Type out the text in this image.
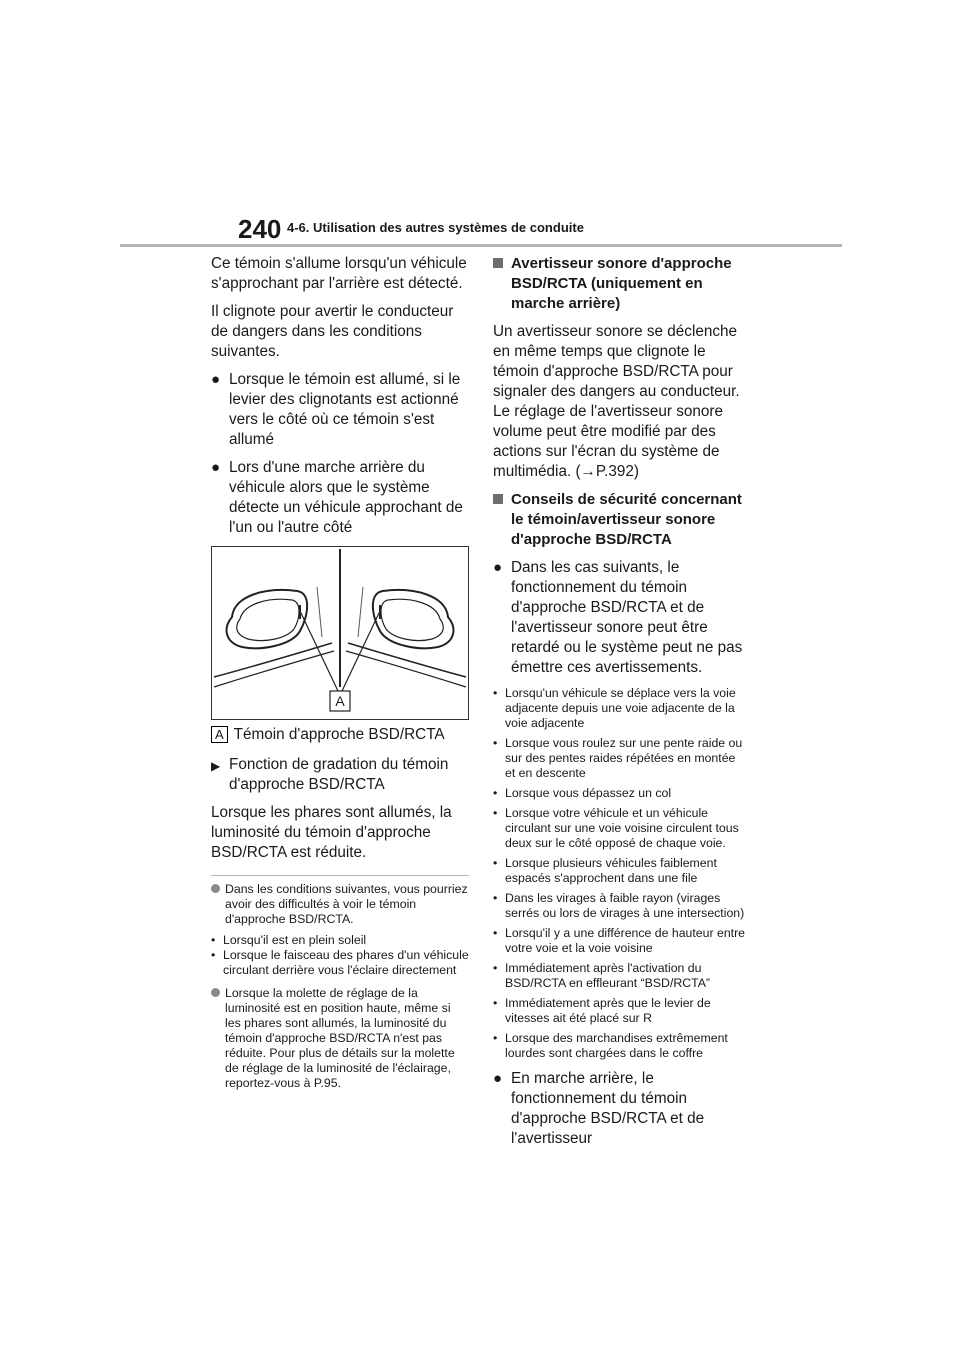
240 4-6. Utilisation des autres systèmes de conduite

Ce témoin s'allume lorsqu'un véhicule s'approchant par l'arrière est détecté.

Il clignote pour avertir le conducteur de dangers dans les conditions suivantes.

● Lorsque le témoin est allumé, si le levier des clignotants est actionné vers le côté où ce témoin s'est allumé
● Lors d'une marche arrière du véhicule alors que le système détecte un véhicule approchant de l'un ou l'autre côté
A

A Témoin d'approche BSD/RCTA

▶ Fonction de gradation du témoin d'approche BSD/RCTA

Lorsque les phares sont allumés, la luminosité du témoin d'approche BSD/RCTA est réduite.

Dans les conditions suivantes, vous pourriez avoir des difficultés à voir le témoin d'approche BSD/RCTA.
• Lorsqu'il est en plein soleil
• Lorsque le faisceau des phares d'un véhicule circulant derrière vous l'éclaire directement
Lorsque la molette de réglage de la luminosité est en position haute, même si les phares sont allumés, la luminosité du témoin d'approche BSD/RCTA n'est pas réduite. Pour plus de détails sur la molette de réglage de la luminosité de l'éclairage, reportez-vous à P.95.
Avertisseur sonore d'approche BSD/RCTA (uniquement en marche arrière)

Un avertisseur sonore se déclenche en même temps que clignote le témoin d'approche BSD/RCTA pour signaler des dangers au conducteur. Le réglage de l'avertisseur sonore volume peut être modifié par des actions sur l'écran du système de multimédia. (→P.392)

Conseils de sécurité concernant le témoin/avertisseur sonore d'approche BSD/RCTA
● Dans les cas suivants, le fonctionnement du témoin d'approche BSD/RCTA et de l'avertisseur sonore peut être retardé ou le système peut ne pas émettre ces avertissements.
• Lorsqu'un véhicule se déplace vers la voie adjacente depuis une voie adjacente de la voie adjacente
• Lorsque vous roulez sur une pente raide ou sur des pentes raides répétées en montée et en descente
• Lorsque vous dépassez un col
• Lorsque votre véhicule et un véhicule circulant sur une voie voisine circulent tous deux sur le côté opposé de chaque voie.
• Lorsque plusieurs véhicules faiblement espacés s'approchent dans une file
• Dans les virages à faible rayon (virages serrés ou lors de virages à une intersection)
• Lorsqu'il y a une différence de hauteur entre votre voie et la voie voisine
• Immédiatement après l'activation du BSD/RCTA en effleurant “BSD/RCTA”
• Immédiatement après que le levier de vitesses ait été placé sur R
• Lorsque des marchandises extrêmement lourdes sont chargées dans le coffre
● En marche arrière, le fonctionnement du témoin d'approche BSD/RCTA et de l'avertisseur
